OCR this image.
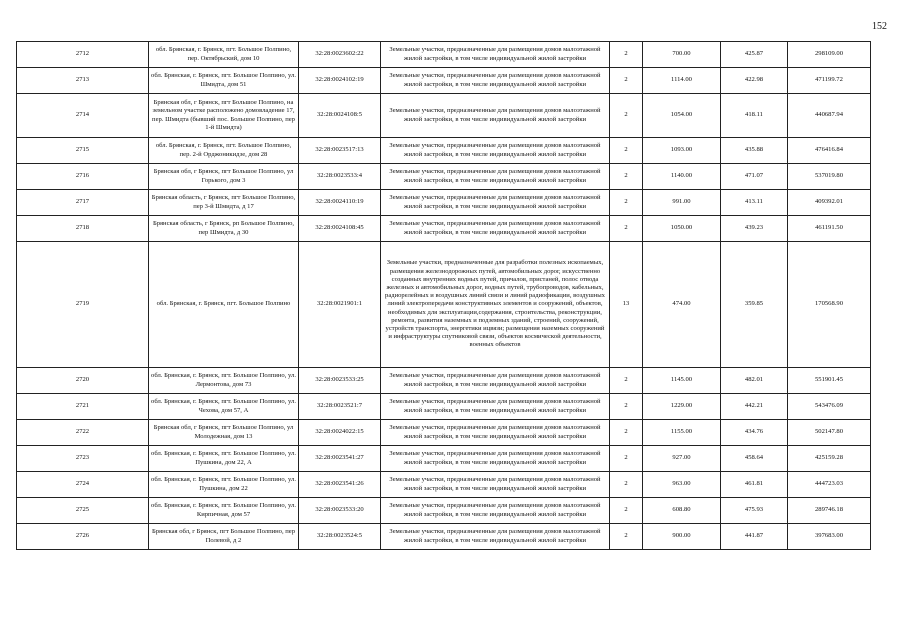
152
2712	обл. Брянская, г. Брянск, пгт. Большое Полпино, пер. Октябрьский, дом 10	32:28:0023602:22	Земельные участки, предназначенные для размещения домов малоэтажной жилой застройки, в том числе индивидуальной жилой застройки	2	700.00	425.87	298109.00
2713	обл. Брянская, г. Брянск, пгт. Большое Полпино, ул. Шмидта, дом 51	32:28:0024102:19	Земельные участки, предназначенные для размещения домов малоэтажной жилой застройки, в том числе индивидуальной жилой застройки	2	1114.00	422.98	471199.72
2714	Брянская обл, г Брянск, пгт Большое Полпино, на земельном участке расположено домовладение 17, пер. Шмидта (бывший пос. Большое Полпино, пер 1-й Шмидта)	32:28:0024108:5	Земельные участки, предназначенные для размещения домов малоэтажной жилой застройки, в том числе индивидуальной жилой застройки	2	1054.00	418.11	440687.94
2715	обл. Брянская, г. Брянск, пгт. Большое Полпино, пер. 2-й Орджоникидзе, дом 28	32:28:0023517:13	Земельные участки, предназначенные для размещения домов малоэтажной жилой застройки, в том числе индивидуальной жилой застройки	2	1093.00	435.88	476416.84
2716	Брянская обл, г Брянск, пгт Большое Полпино, ул Горького, дом 3	32:28:0023533:4	Земельные участки, предназначенные для размещения домов малоэтажной жилой застройки, в том числе индивидуальной жилой застройки	2	1140.00	471.07	537019.80
2717	Брянская область, г Брянск, пгт Большое Полпино, пер 3-й Шмидта, д 17	32:28:0024110:19	Земельные участки, предназначенные для размещения домов малоэтажной жилой застройки, в том числе индивидуальной жилой застройки	2	991.00	413.11	409392.01
2718	Брянская область, г Брянск, рп Большое Полпино, пер Шмидта, д 30	32:28:0024108:45	Земельные участки, предназначенные для размещения домов малоэтажной жилой застройки, в том числе индивидуальной жилой застройки	2	1050.00	439.23	461191.50
2719	обл. Брянская, г. Брянск, пгт. Большое Полпино	32:28:0021901:1	Земельные участки, предназначенные для разработки полезных ископаемых, размещения железнодорожных путей, автомобильных дорог, искусственно созданных внутренних водных путей, причалов, пристаней, полос отвода железных и автомобильных дорог, водных путей, трубопроводов, кабельных, радиорелейных и воздушных линий связи и линий радиофикации, воздушных линий электропередачи конструктивных элементов и сооружений, объектов, необходимых для эксплуатации,содержания, строительства, реконструкции, ремонта, развития наземных и подземных зданий, строений, сооружений, устройств транспорта, энергетики ицвязи; размещения наземных сооружений и инфраструктуры спутниковой связи, объектов космической деятельности, военных объектов	13	474.00	359.85	170568.90
2720	обл. Брянская, г. Брянск, пгт. Большое Полпино, ул. Лермонтова, дом 73	32:28:0023533:25	Земельные участки, предназначенные для размещения домов малоэтажной жилой застройки, в том числе индивидуальной жилой застройки	2	1145.00	482.01	551901.45
2721	обл. Брянская, г. Брянск, пгт. Большое Полпино, ул. Чехова, дом 57, А	32:28:0023521:7	Земельные участки, предназначенные для размещения домов малоэтажной жилой застройки, в том числе индивидуальной жилой застройки	2	1229.00	442.21	543476.09
2722	Брянская обл, г Брянск, пгт Большое Полпино, ул Молодежная, дом 13	32:28:0024022:15	Земельные участки, предназначенные для размещения домов малоэтажной жилой застройки, в том числе индивидуальной жилой застройки	2	1155.00	434.76	502147.80
2723	обл. Брянская, г. Брянск, пгт. Большое Полпино, ул. Пушкина, дом 22, А	32:28:0023541:27	Земельные участки, предназначенные для размещения домов малоэтажной жилой застройки, в том числе индивидуальной жилой застройки	2	927.00	458.64	425159.28
2724	обл. Брянская, г. Брянск, пгт. Большое Полпино, ул. Пушкина, дом 22	32:28:0023541:26	Земельные участки, предназначенные для размещения домов малоэтажной жилой застройки, в том числе индивидуальной жилой застройки	2	963.00	461.81	444723.03
2725	обл. Брянская, г. Брянск, пгт. Большое Полпино, ул. Кирпичная, дом 57	32:28:0023533:20	Земельные участки, предназначенные для размещения домов малоэтажной жилой застройки, в том числе индивидуальной жилой застройки	2	608.80	475.93	289746.18
2726	Брянская обл, г Брянск, пгт Большое Полпино, пер Полевой, д 2	32:28:0023524:5	Земельные участки, предназначенные для размещения домов малоэтажной жилой застройки, в том числе индивидуальной жилой застройки	2	900.00	441.87	397683.00
